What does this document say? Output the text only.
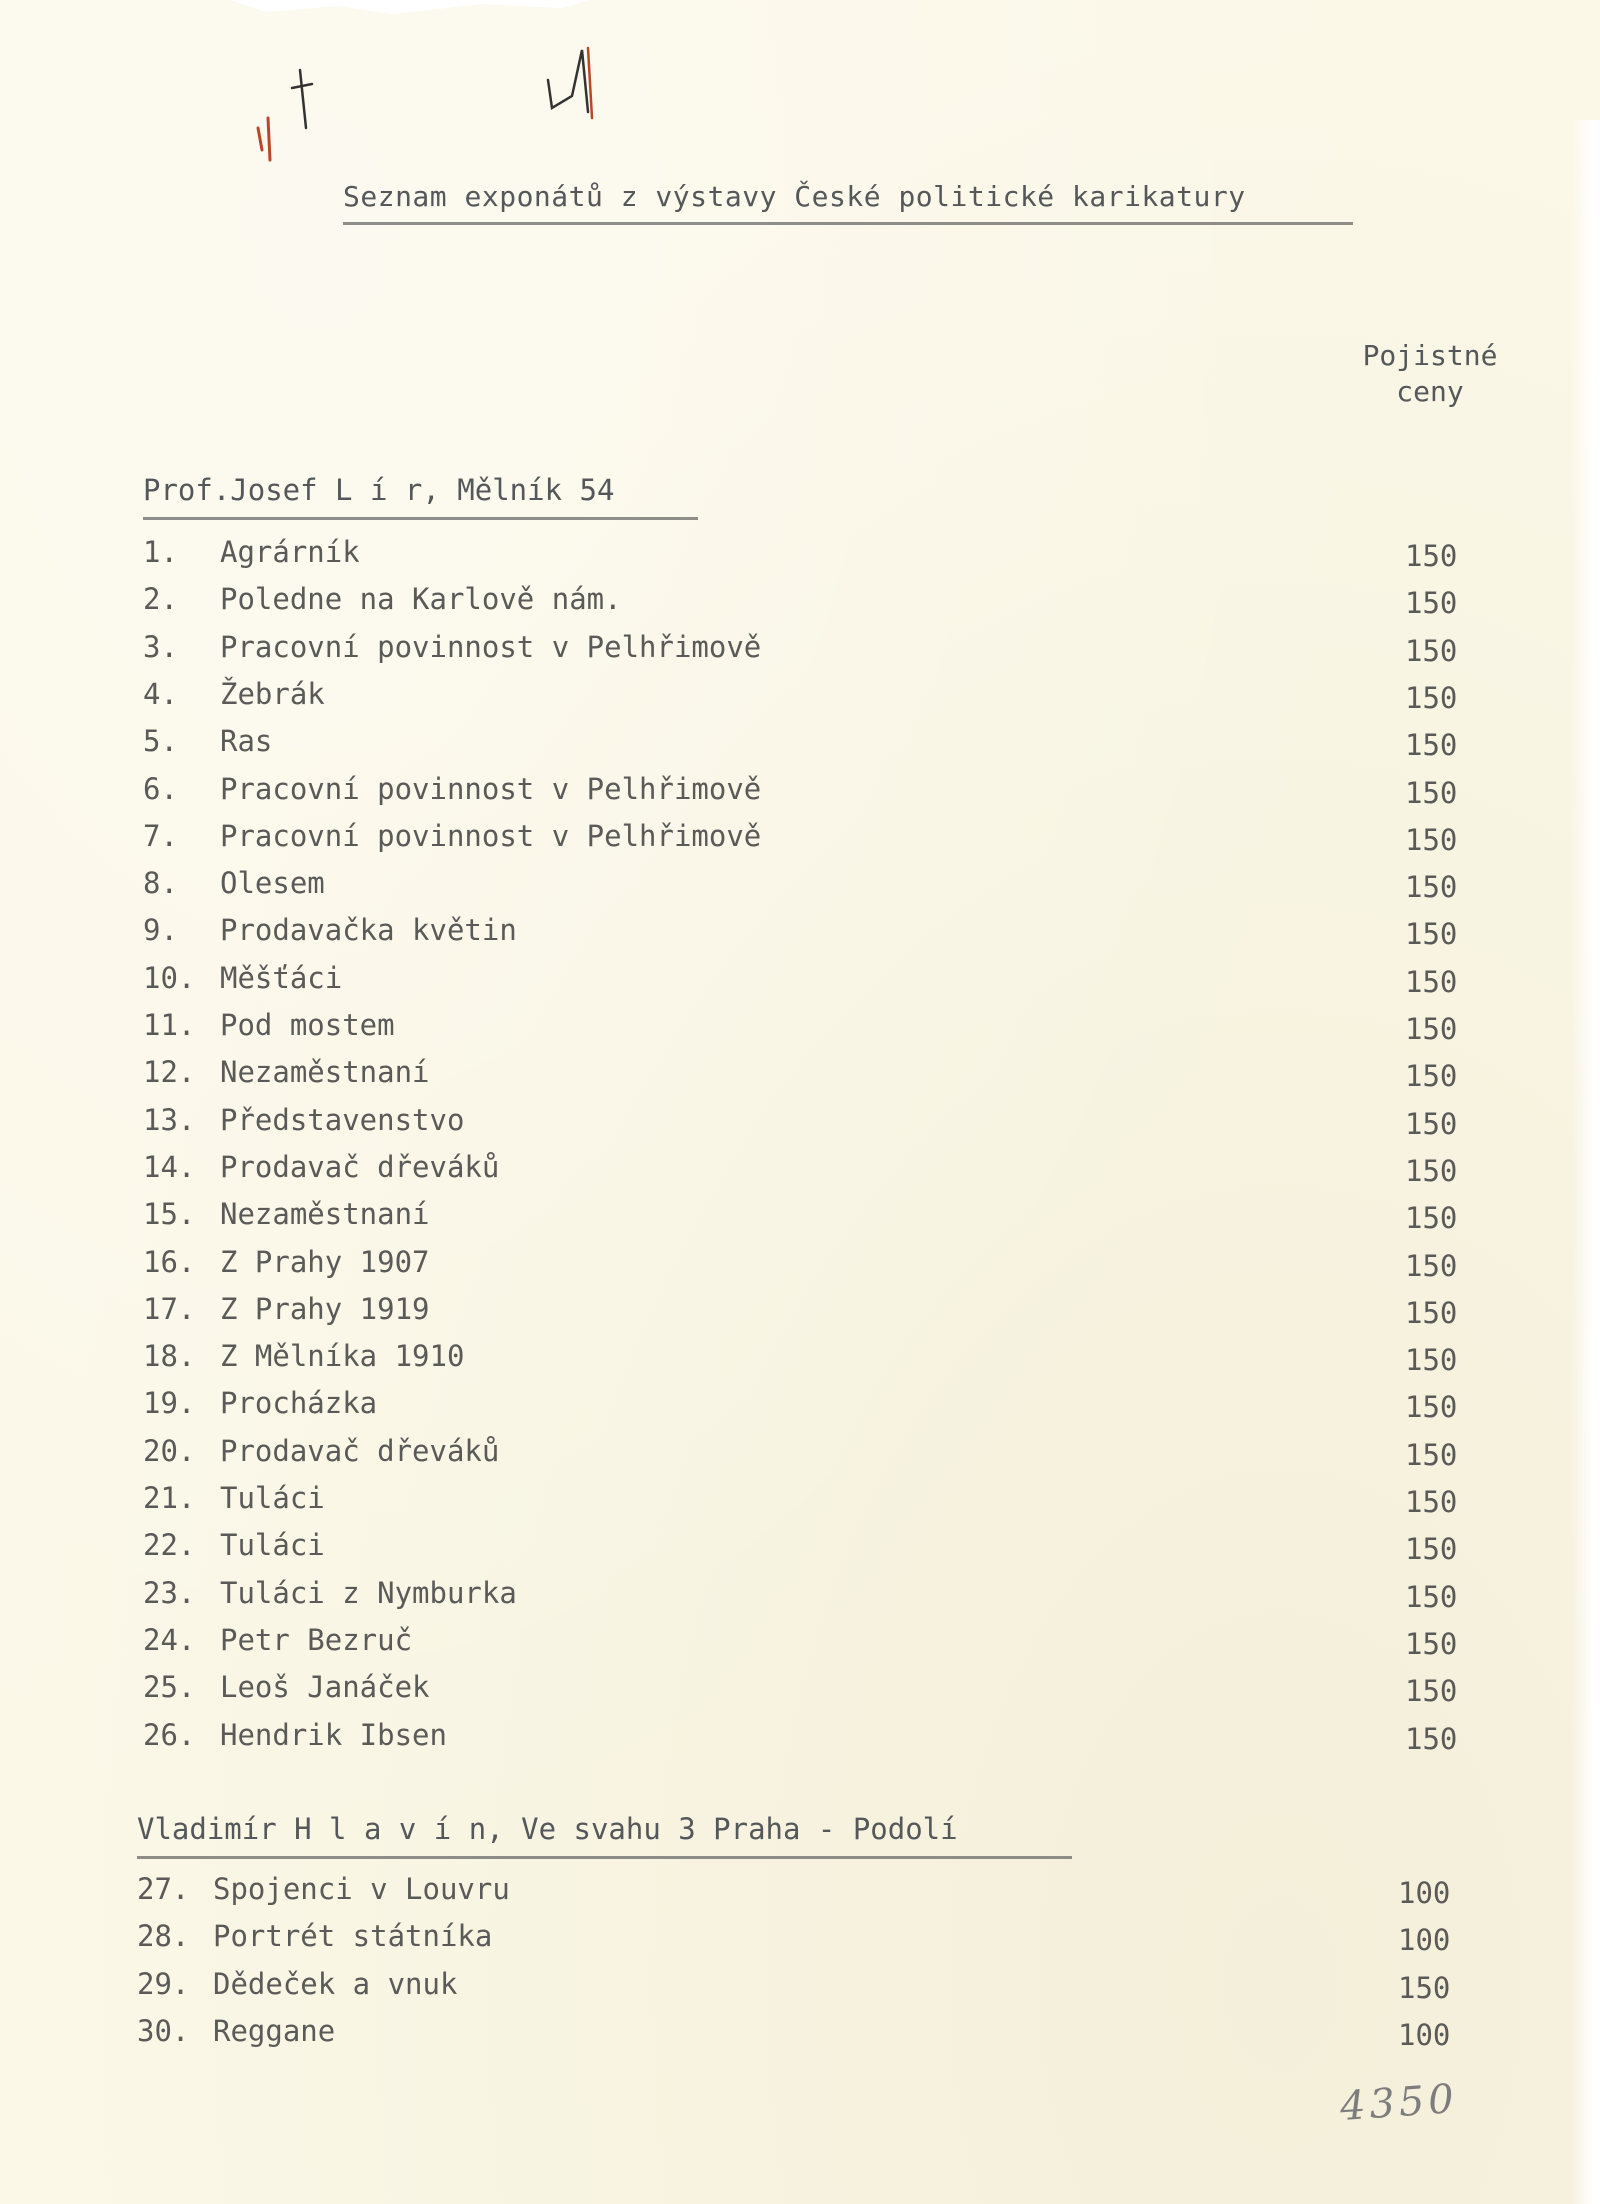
Seznam exponátů z výstavy České politické karikatury
Pojistné
ceny
Prof.Josef L í r, Mělník 54
1.	Agrárník	150
2.	Poledne na Karlově nám.	150
3.	Pracovní povinnost v Pelhřimově	150
4.	Žebrák	150
5.	Ras	150
6.	Pracovní povinnost v Pelhřimově	150
7.	Pracovní povinnost v Pelhřimově	150
8.	Olesem	150
9.	Prodavačka květin	150
10. Měšťáci	150
11. Pod mostem	150
12. Nezaměstnaní	150
13. Představenstvo	150
14. Prodavač dřeváků	150
15. Nezaměstnaní	150
16. Z Prahy 1907	150
17. Z Prahy 1919	150
18. Z Mělníka 1910	150
19. Procházka	150
20. Prodavač dřeváků	150
21. Tuláci	150
22. Tuláci	150
23. Tuláci z Nymburka	150
24. Petr Bezruč	150
25. Leoš Janáček	150
26. Hendrik Ibsen	150
Vladimír H l a v í n, Ve svahu 3 Praha - Podolí
27. Spojenci v Louvru	100
28. Portrét státníka	100
29. Dědeček a vnuk	150
30. Reggane	100
4350
